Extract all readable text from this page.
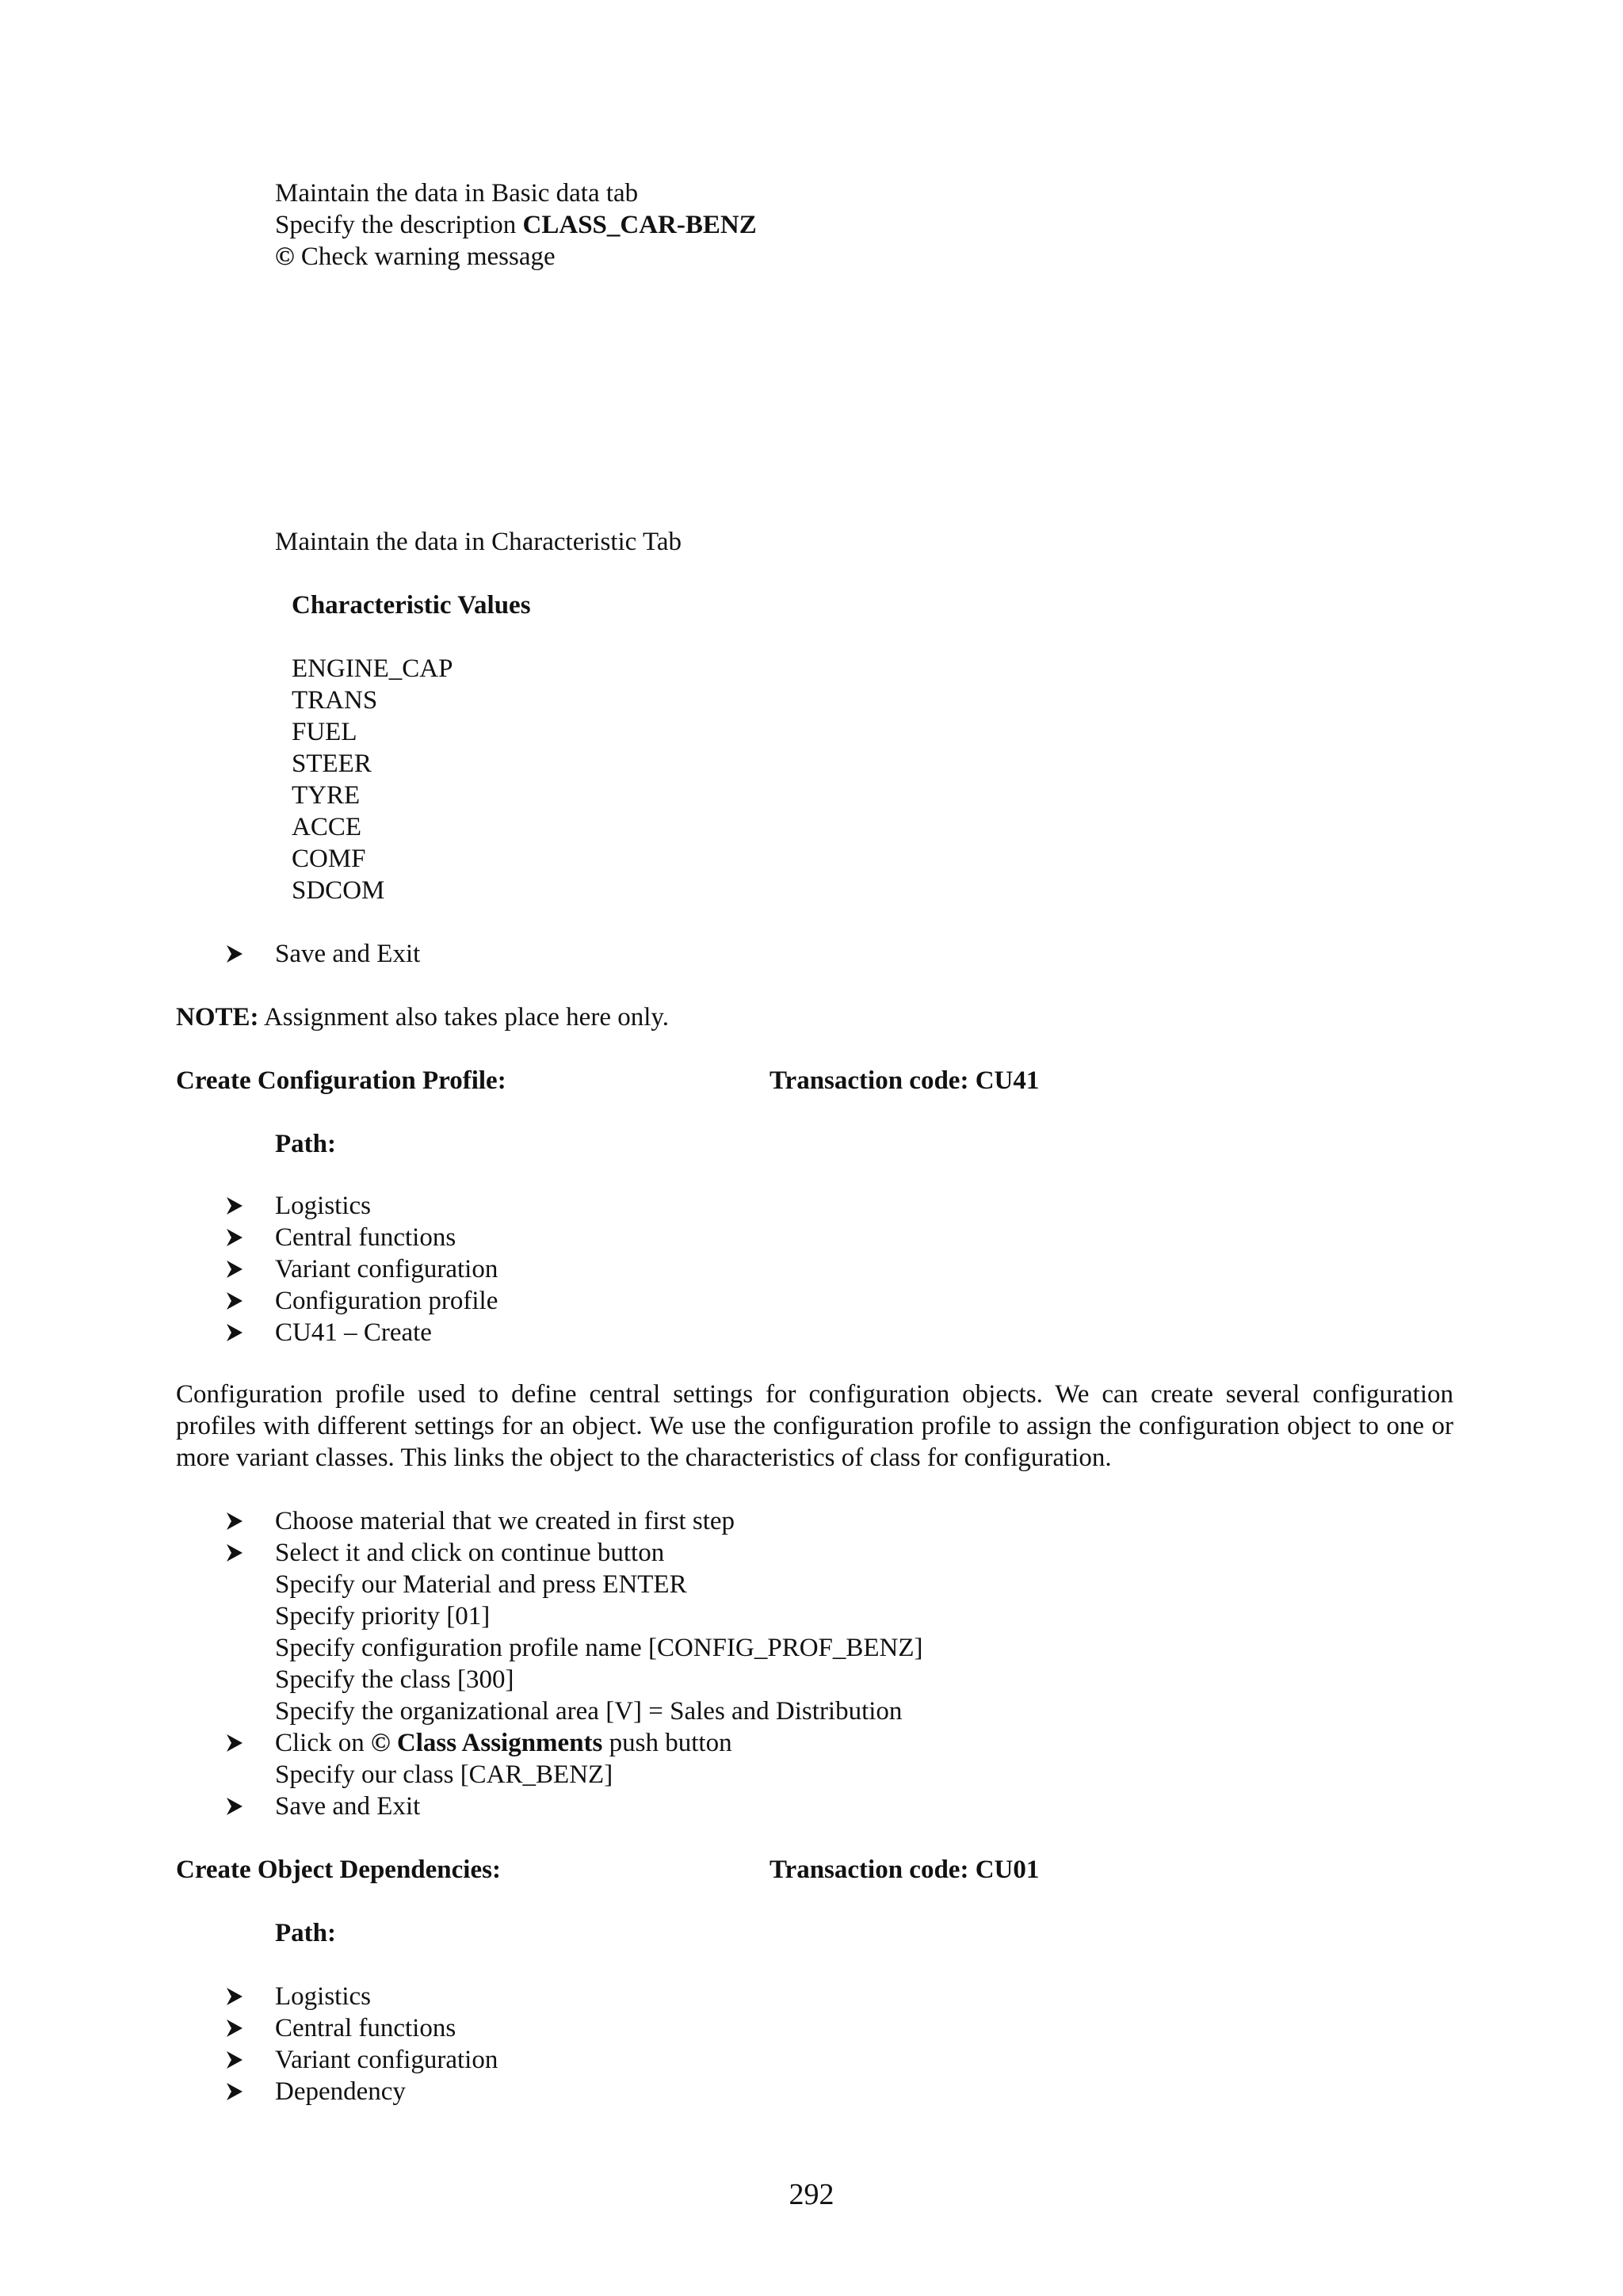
Maintain the data in Basic data tab
Specify the description CLASS_CAR-BENZ
© Check warning message
Maintain the data in Characteristic Tab
Characteristic Values
ENGINE_CAP
TRANS
FUEL
STEER
TYRE
ACCE
COMF
SDCOM
Save and Exit
NOTE: Assignment also takes place here only.
Create Configuration Profile:	Transaction code: CU41
Path:
Logistics
Central functions
Variant configuration
Configuration profile
CU41 – Create
Configuration profile used to define central settings for configuration objects. We can create several configuration profiles with different settings for an object. We use the configuration profile to assign the configuration object to one or more variant classes. This links the object to the characteristics of class for configuration.
Choose material that we created in first step
Select it and click on continue button
Specify our Material and press ENTER
Specify priority [01]
Specify configuration profile name [CONFIG_PROF_BENZ]
Specify the class [300]
Specify the organizational area [V] = Sales and Distribution
Click on © Class Assignments push button
Specify our class [CAR_BENZ]
Save and Exit
Create Object Dependencies:	Transaction code: CU01
Path:
Logistics
Central functions
Variant configuration
Dependency
292
